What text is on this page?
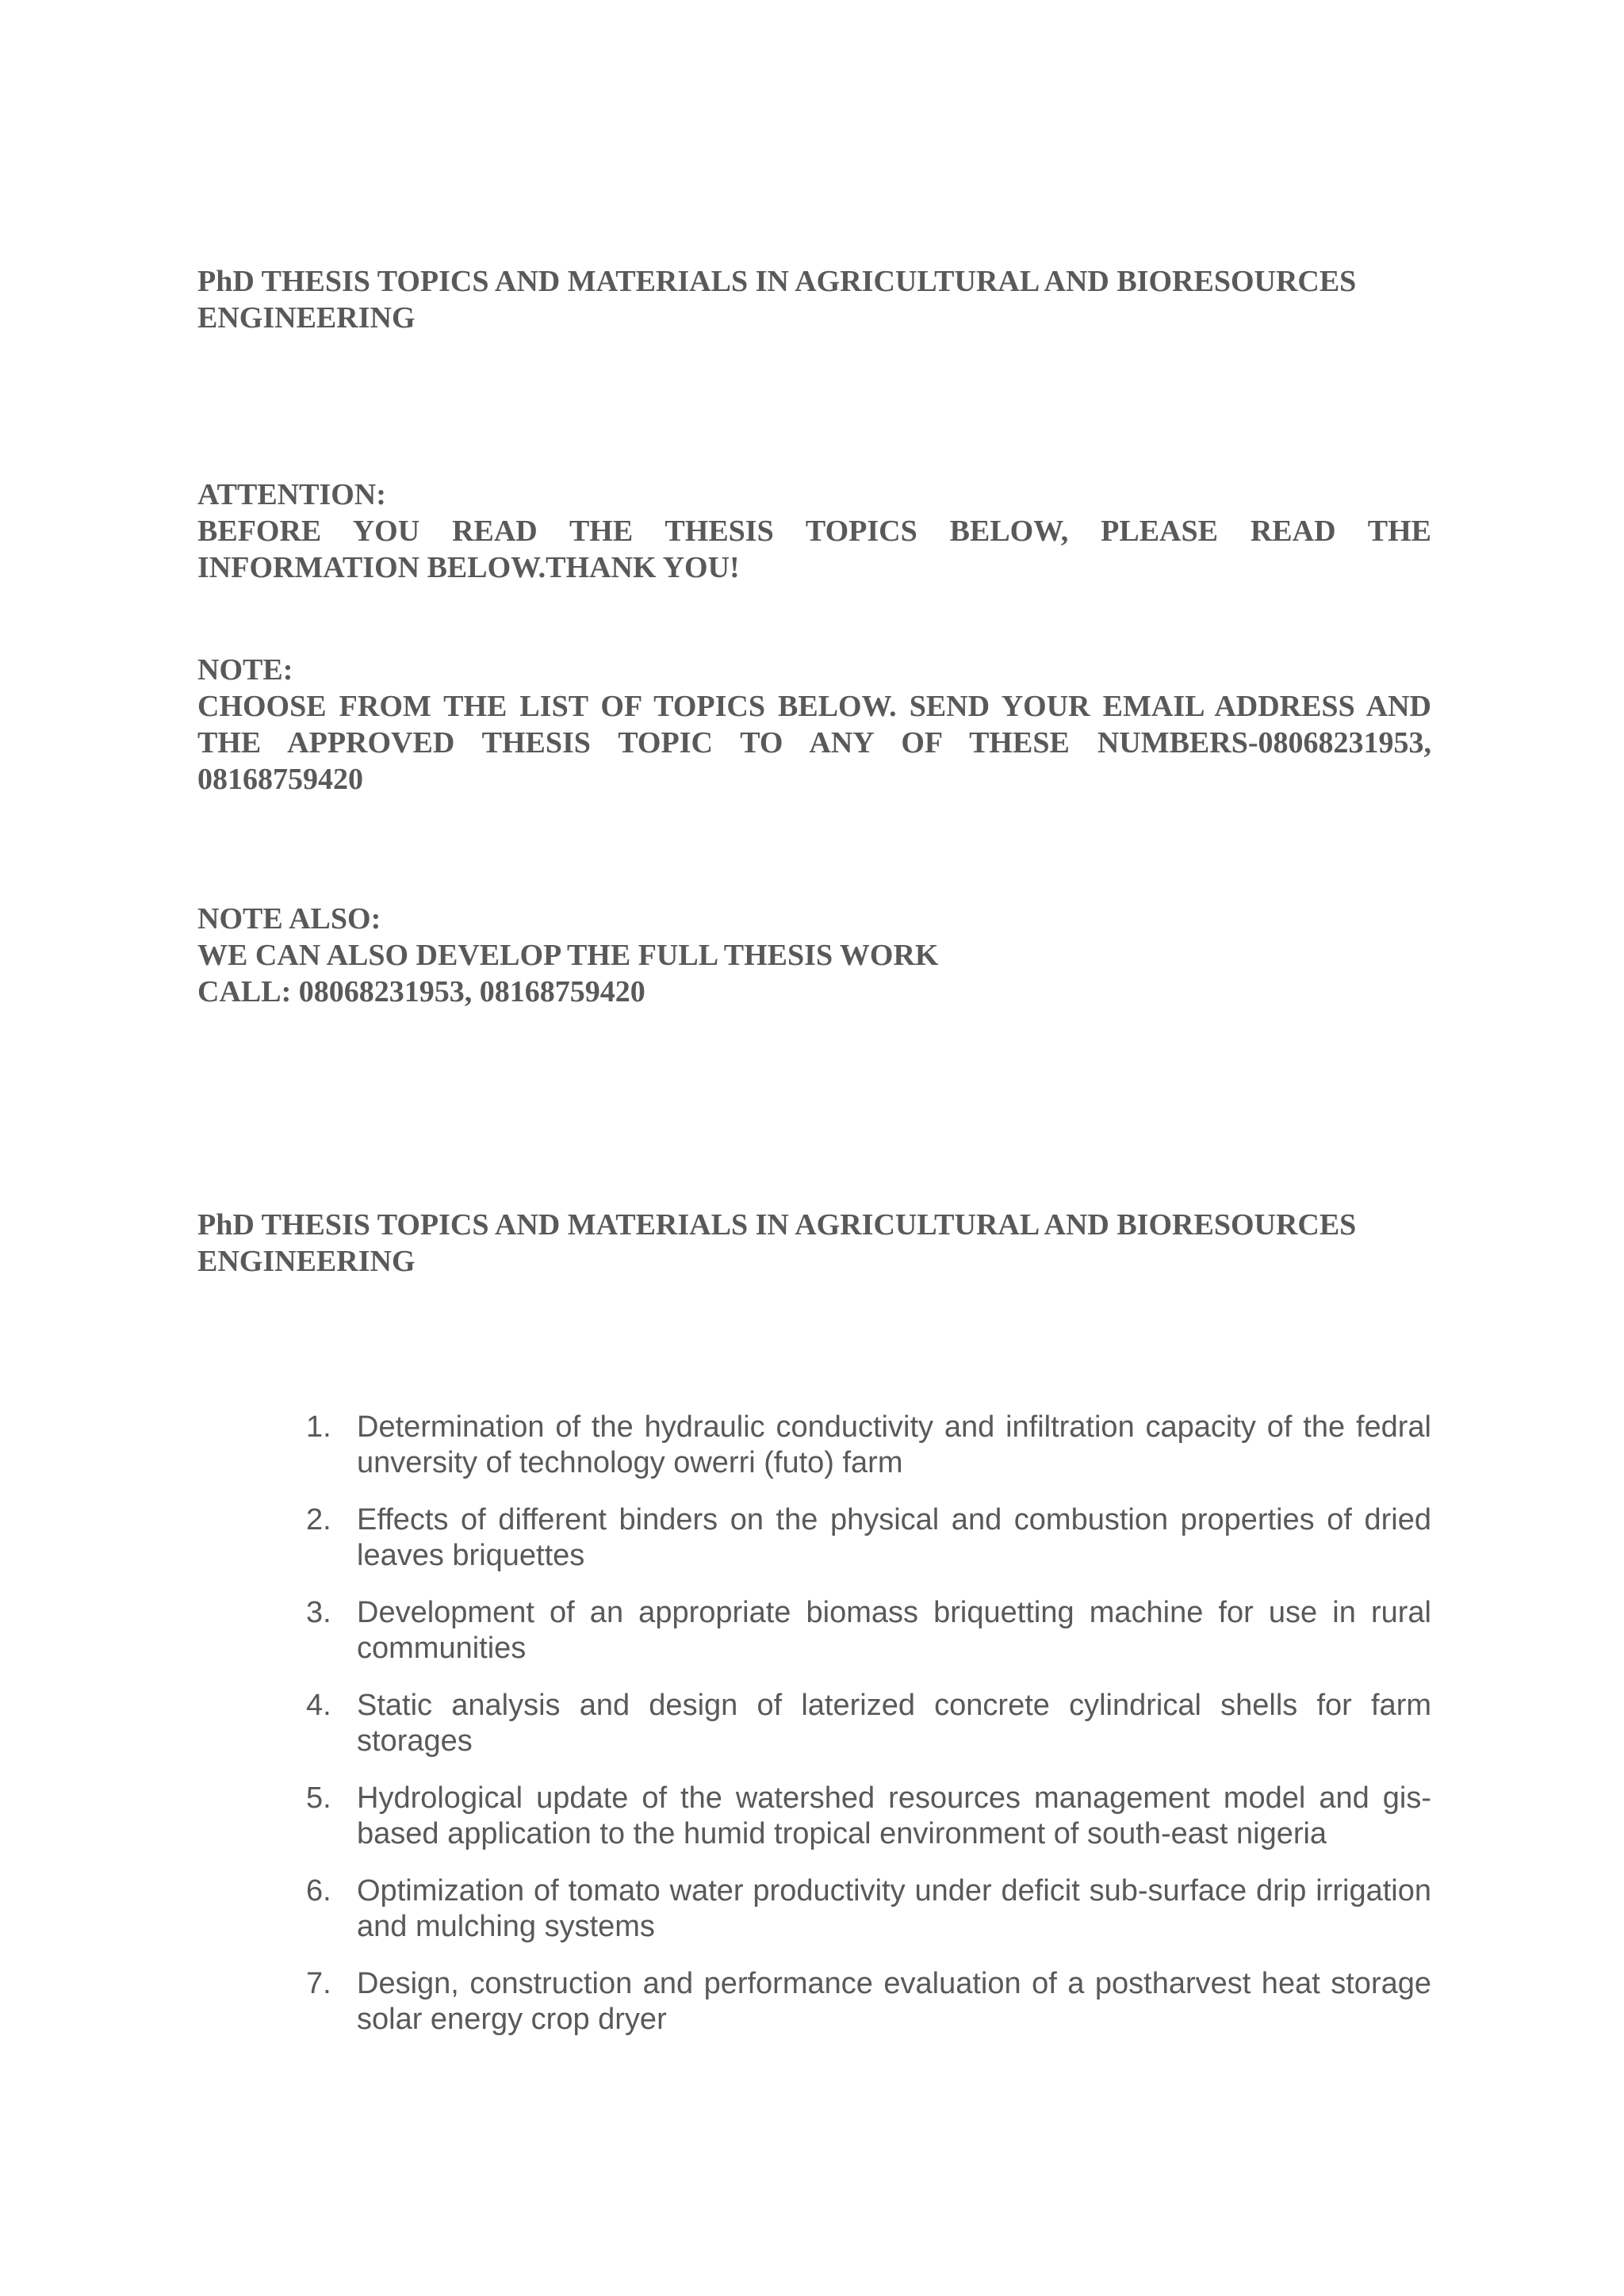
PhD THESIS TOPICS AND MATERIALS IN AGRICULTURAL AND BIORESOURCES ENGINEERING
ATTENTION:
BEFORE YOU READ THE THESIS TOPICS BELOW, PLEASE READ THE INFORMATION BELOW.THANK YOU!
NOTE:
CHOOSE FROM THE LIST OF TOPICS BELOW. SEND YOUR EMAIL ADDRESS AND THE APPROVED THESIS TOPIC TO ANY OF THESE NUMBERS-08068231953, 08168759420
NOTE ALSO:
WE CAN ALSO DEVELOP THE FULL THESIS WORK
CALL: 08068231953, 08168759420
PhD THESIS TOPICS AND MATERIALS IN AGRICULTURAL AND BIORESOURCES ENGINEERING
1. Determination of the hydraulic conductivity and infiltration capacity of the fedral unversity of technology owerri (futo) farm
2. Effects of different binders on the physical and combustion properties of dried leaves briquettes
3. Development of an appropriate biomass briquetting machine for use in rural communities
4. Static analysis and design of laterized concrete cylindrical shells for farm storages
5. Hydrological update of the watershed resources management model and gis-based application to the humid tropical environment of south-east nigeria
6. Optimization of tomato water productivity under deficit sub-surface drip irrigation and mulching systems
7. Design, construction and performance evaluation of a postharvest heat storage solar energy crop dryer
